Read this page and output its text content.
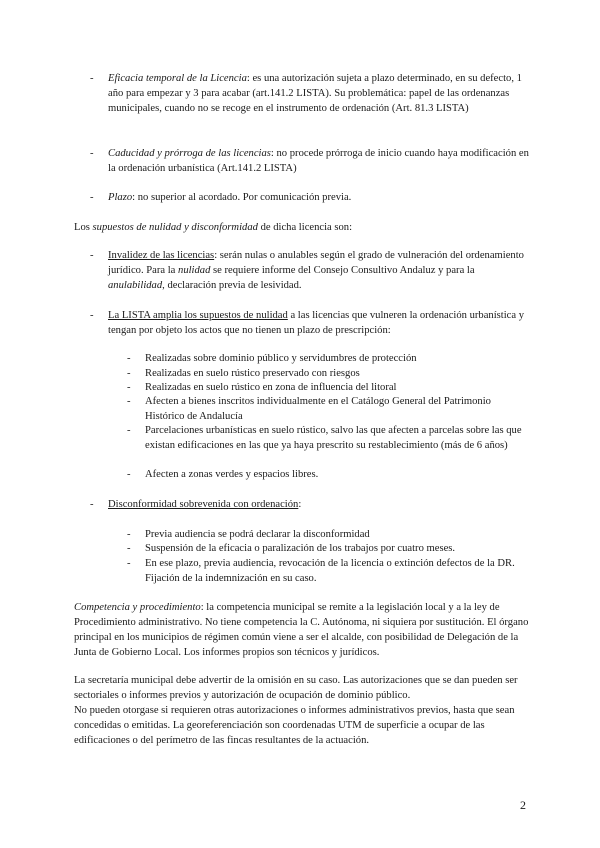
- Eficacia temporal de la Licencia: es una autorización sujeta a plazo determinado, en su defecto, 1 año para empezar y 3 para acabar (art.141.2 LISTA). Su problemática: papel de las ordenanzas municipales, cuando no se recoge en el instrumento de ordenación (Art. 81.3 LISTA)
- Caducidad y prórroga de las licencias: no procede prórroga de inicio cuando haya modificación en la ordenación urbanística (Art.141.2 LISTA)
- Plazo: no superior al acordado. Por comunicación previa.
Los supuestos de nulidad y disconformidad de dicha licencia son:
- Invalidez de las licencias: serán nulas o anulables según el grado de vulneración del ordenamiento jurídico. Para la nulidad se requiere informe del Consejo Consultivo Andaluz y para la anulabilidad, declaración previa de lesividad.
- La LISTA amplia los supuestos de nulidad a las licencias que vulneren la ordenación urbanística y tengan por objeto los actos que no tienen un plazo de prescripción:
- Realizadas sobre dominio público y servidumbres de protección
- Realizadas en suelo rústico preservado con riesgos
- Realizadas en suelo rústico en zona de influencia del litoral
- Afecten a bienes inscritos individualmente en el Catálogo General del Patrimonio Histórico de Andalucía
- Parcelaciones urbanísticas en suelo rústico, salvo las que afecten a parcelas sobre las que existan edificaciones en las que ya haya prescrito su restablecimiento (más de 6 años)
- Afecten a zonas verdes y espacios libres.
- Disconformidad sobrevenida con ordenación:
- Previa audiencia se podrá declarar la disconformidad
- Suspensión de la eficacia o paralización de los trabajos por cuatro meses.
- En ese plazo, previa audiencia, revocación de la licencia o extinción defectos de la DR. Fijación de la indemnización en su caso.
Competencia y procedimiento: la competencia municipal se remite a la legislación local y a la ley de Procedimiento administrativo. No tiene competencia la C. Autónoma, ni siquiera por sustitución. El órgano principal en los municipios de régimen común viene a ser el alcalde, con posibilidad de Delegación de la Junta de Gobierno Local. Los informes propios son técnicos y jurídicos.
La secretaría municipal debe advertir de la omisión en su caso. Las autorizaciones que se dan pueden ser sectoriales o informes previos y autorización de ocupación de dominio público.
No pueden otorgase si requieren otras autorizaciones o informes administrativos previos, hasta que sean concedidas o emitidas. La georeferenciación son coordenadas UTM de superficie a ocupar de las edificaciones o del perímetro de las fincas resultantes de la actuación.
2
